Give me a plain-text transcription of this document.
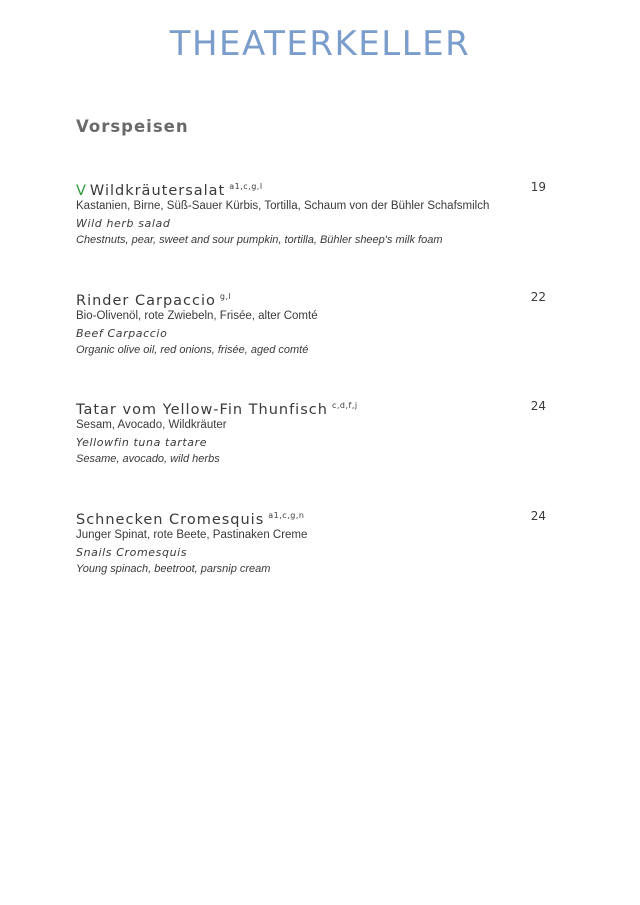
THEATERKELLER
Vorspeisen
V Wildkräutersalat $^{a1,c,g,l}$	19
Kastanien, Birne, Süß-Sauer Kürbis, Tortilla, Schaum von der Bühler Schafsmilch
Wild herb salad
Chestnuts, pear, sweet and sour pumpkin, tortilla, Bühler sheep's milk foam
Rinder Carpaccio $^{g,l}$	22
Bio-Olivenöl, rote Zwiebeln, Frisée, alter Comté
Beef Carpaccio
Organic olive oil, red onions, frisée, aged comté
Tatar vom Yellow-Fin Thunfisch $^{c,d,f,j}$	24
Sesam, Avocado, Wildkräuter
Yellowfin tuna tartare
Sesame, avocado, wild herbs
Schnecken Cromesquis $^{a1,c,g,n}$	24
Junger Spinat, rote Beete, Pastinaken Creme
Snails Cromesquis
Young spinach, beetroot, parsnip cream
